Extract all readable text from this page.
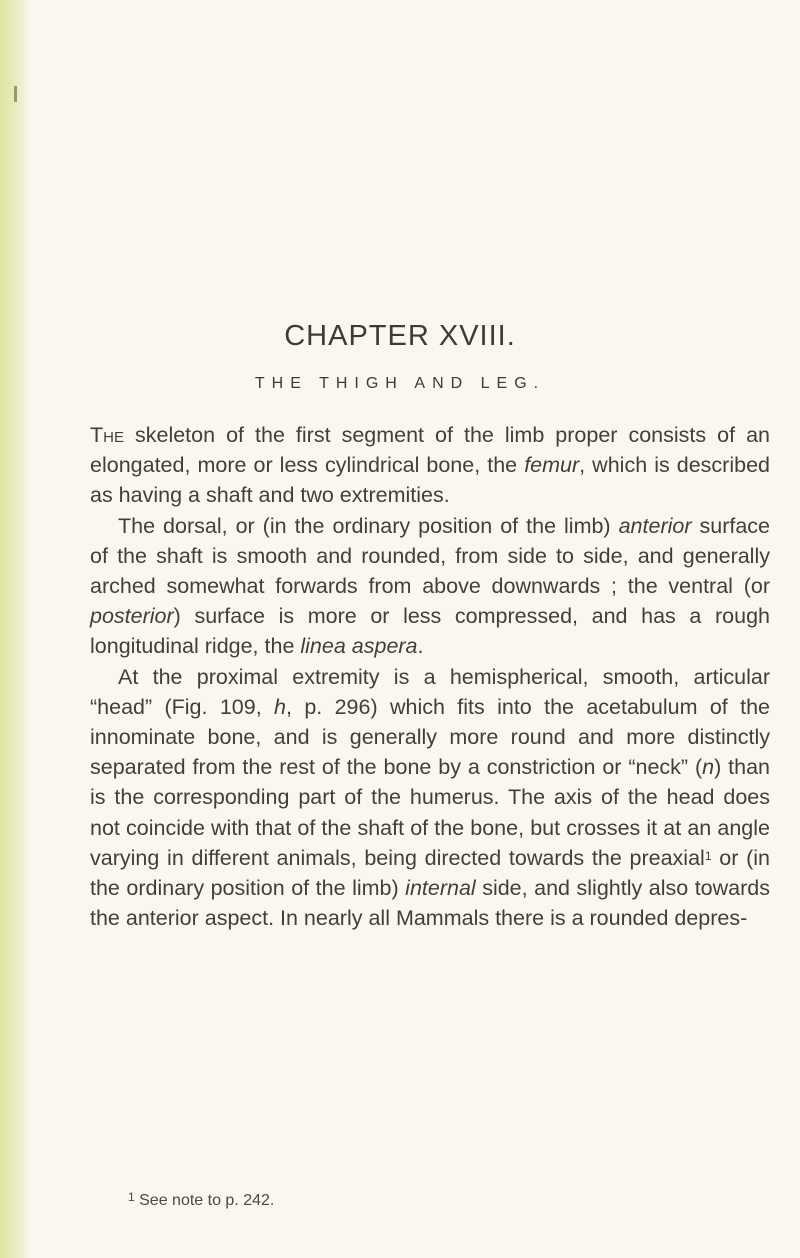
CHAPTER XVIII.
THE THIGH AND LEG.

The skeleton of the first segment of the limb proper consists of an elongated, more or less cylindrical bone, the femur, which is described as having a shaft and two extremities.

The dorsal, or (in the ordinary position of the limb) anterior surface of the shaft is smooth and rounded, from side to side, and generally arched somewhat forwards from above downwards ; the ventral (or posterior) surface is more or less compressed, and has a rough longitudinal ridge, the linea aspera.

At the proximal extremity is a hemispherical, smooth, articular “head” (Fig. 109, h, p. 296) which fits into the acetabulum of the innominate bone, and is generally more round and more distinctly separated from the rest of the bone by a constriction or “neck” (n) than is the corresponding part of the humerus. The axis of the head does not coincide with that of the shaft of the bone, but crosses it at an angle varying in different animals, being directed towards the preaxial$^1$ or (in the ordinary position of the limb) internal side, and slightly also towards the anterior aspect. In nearly all Mammals there is a rounded depres-

$^1$ See note to p. 242.
